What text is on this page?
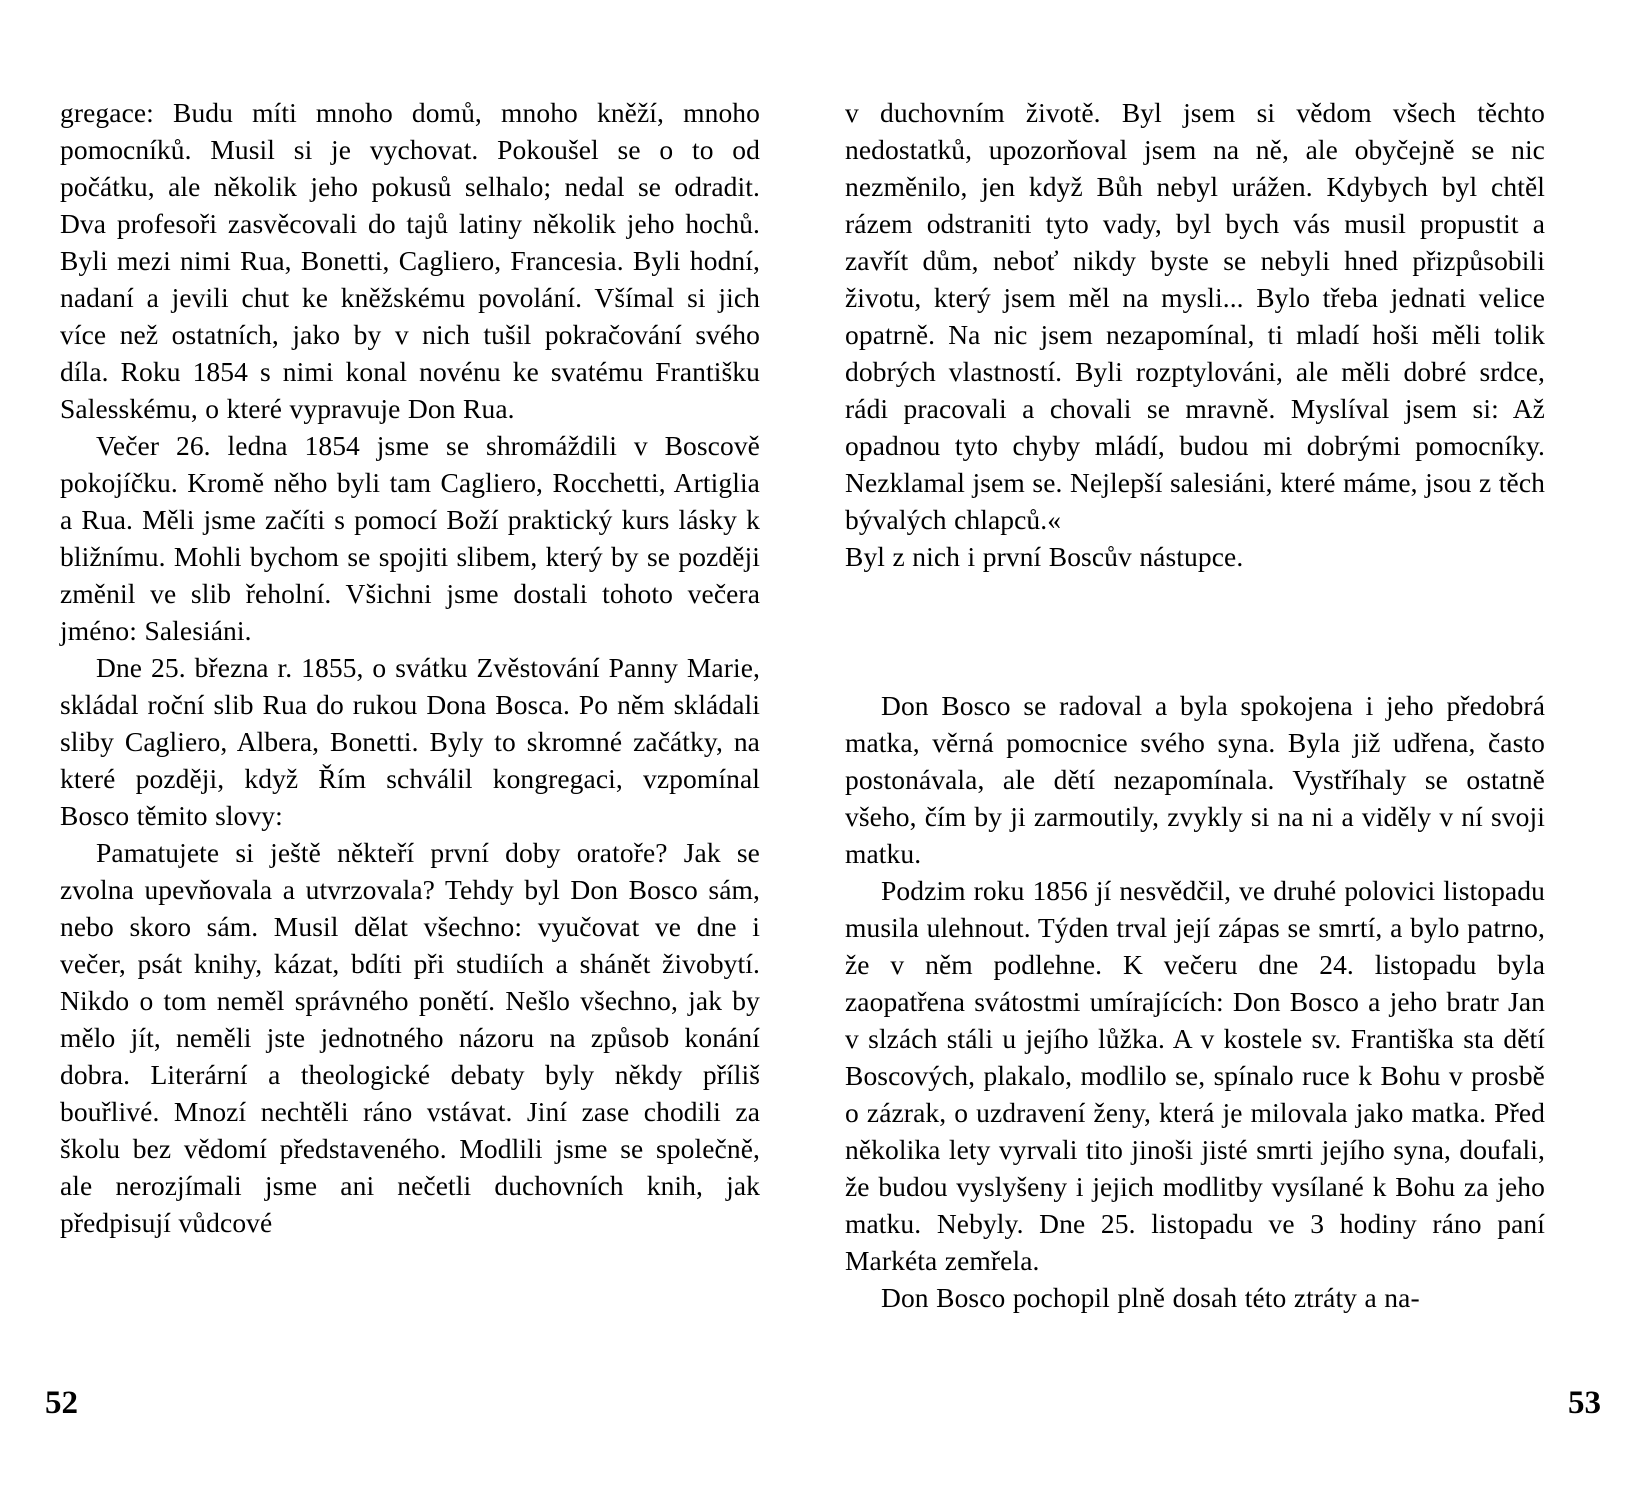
gregace: Budu míti mnoho domů, mnoho kněží, mnoho pomocníků. Musil si je vychovat. Pokoušel se o to od počátku, ale několik jeho pokusů selhalo; nedal se odradit. Dva profesoři zasvěcovali do tajů latiny několik jeho hochů. Byli mezi nimi Rua, Bonetti, Cagliero, Francesia. Byli hodní, nadaní a jevili chut ke kněžskému povolání. Všímal si jich více než ostatních, jako by v nich tušil pokračování svého díla. Roku 1854 s nimi konal novénu ke svatému Františku Salesskému, o které vypravuje Don Rua.

Večer 26. ledna 1854 jsme se shromáždili v Boscově pokojíčku. Kromě něho byli tam Cagliero, Rocchetti, Artiglia a Rua. Měli jsme začíti s pomocí Boží praktický kurs lásky k bližnímu. Mohli bychom se spojiti slibem, který by se později změnil ve slib řeholní. Všichni jsme dostali tohoto večera jméno: Salesiáni.

Dne 25. března r. 1855, o svátku Zvěstování Panny Marie, skládal roční slib Rua do rukou Dona Bosca. Po něm skládali sliby Cagliero, Albera, Bonetti. Byly to skromné začátky, na které později, když Řím schválil kongregaci, vzpomínal Bosco těmito slovy:

Pamatujete si ještě někteří první doby oratoře? Jak se zvolna upevňovala a utvrzovala? Tehdy byl Don Bosco sám, nebo skoro sám. Musil dělat všechno: vyučovat ve dne i večer, psát knihy, kázat, bdíti při studiích a shánět živobytí. Nikdo o tom neměl správného ponětí. Nešlo všechno, jak by mělo jít, neměli jste jednotného názoru na způsob konání dobra. Literární a theologické debaty byly někdy příliš bouřlivé. Mnozí nechtěli ráno vstávat. Jiní zase chodili za školu bez vědomí představeného. Modlili jsme se společně, ale nerozjímali jsme ani nečetli duchovních knih, jak předpisují vůdcové

v duchovním životě. Byl jsem si vědom všech těchto nedostatků, upozorňoval jsem na ně, ale obyčejně se nic nezměnilo, jen když Bůh nebyl urážen. Kdybych byl chtěl rázem odstraniti tyto vady, byl bych vás musil propustit a zavřít dům, neboť nikdy byste se nebyli hned přizpůsobili životu, který jsem měl na mysli... Bylo třeba jednati velice opatrně. Na nic jsem nezapomínal, ti mladí hoši měli tolik dobrých vlastností. Byli rozptylováni, ale měli dobré srdce, rádi pracovali a chovali se mravně. Myslíval jsem si: Až opadnou tyto chyby mládí, budou mi dobrými pomocníky. Nezklamal jsem se. Nejlepší salesiáni, které máme, jsou z těch bývalých chlapců.«

Byl z nich i první Boscův nástupce.

Don Bosco se radoval a byla spokojena i jeho předobrá matka, věrná pomocnice svého syna. Byla již udřena, často postonávala, ale dětí nezapomínala. Vystříhaly se ostatně všeho, čím by ji zarmoutily, zvykly si na ni a viděly v ní svoji matku.

Podzim roku 1856 jí nesvědčil, ve druhé polovici listopadu musila ulehnout. Týden trval její zápas se smrtí, a bylo patrno, že v něm podlehne. K večeru dne 24. listopadu byla zaopatřena svátostmi umírajících: Don Bosco a jeho bratr Jan v slzách stáli u jejího lůžka. A v kostele sv. Františka sta dětí Boscových, plakalo, modlilo se, spínalo ruce k Bohu v prosbě o zázrak, o uzdravení ženy, která je milovala jako matka. Před několika lety vyrvali tito jinoši jisté smrti jejího syna, doufali, že budou vyslyšeny i jejich modlitby vysílané k Bohu za jeho matku. Nebyly. Dne 25. listopadu ve 3 hodiny ráno paní Markéta zemřela.

Don Bosco pochopil plně dosah této ztráty a na-

52	53
